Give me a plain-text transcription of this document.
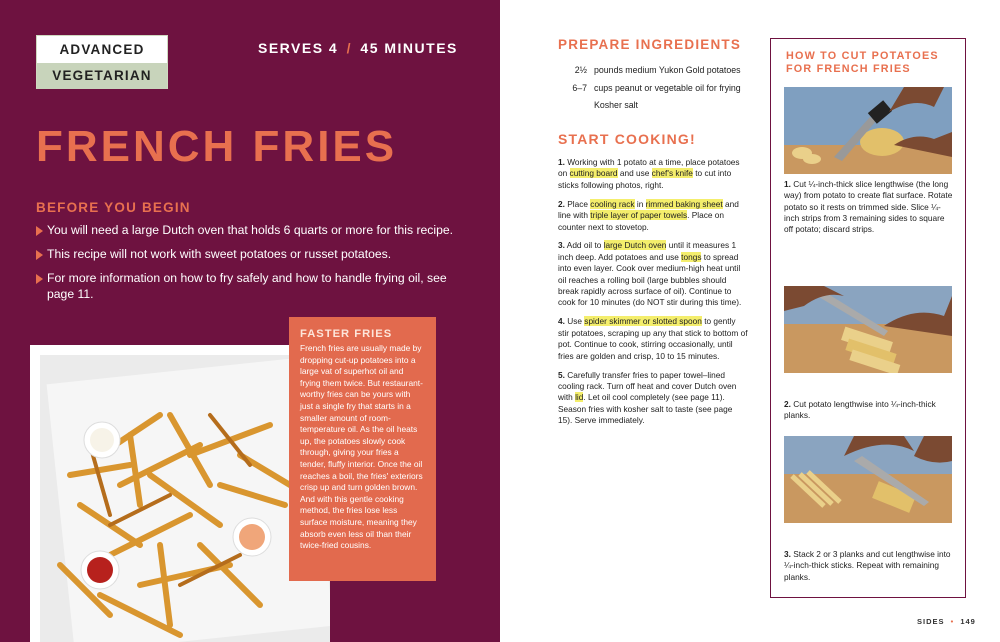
ADVANCED
VEGETARIAN
SERVES 4 / 45 MINUTES
FRENCH FRIES
BEFORE YOU BEGIN
You will need a large Dutch oven that holds 6 quarts or more for this recipe.
This recipe will not work with sweet potatoes or russet potatoes.
For more information on how to fry safely and how to handle frying oil, see page 11.
FASTER FRIES
French fries are usually made by dropping cut-up potatoes into a large vat of superhot oil and frying them twice. But restaurant-worthy fries can be yours with just a single fry that starts in a smaller amount of room-temperature oil. As the oil heats up, the potatoes slowly cook through, giving your fries a tender, fluffy interior. Once the oil reaches a boil, the fries' exteriors crisp up and turn golden brown. And with this gentle cooking method, the fries lose less surface moisture, meaning they absorb even less oil than their twice-fried cousins.
PREPARE INGREDIENTS
2½ pounds medium Yukon Gold potatoes
6–7 cups peanut or vegetable oil for frying
Kosher salt
START COOKING!
1. Working with 1 potato at a time, place potatoes on cutting board and use chef's knife to cut into sticks following photos, right.
2. Place cooling rack in rimmed baking sheet and line with triple layer of paper towels. Place on counter next to stovetop.
3. Add oil to large Dutch oven until it measures 1 inch deep. Add potatoes and use tongs to spread into even layer. Cook over medium-high heat until oil reaches a rolling boil (large bubbles should break rapidly across surface of oil). Continue to cook for 10 minutes (do NOT stir during this time).
4. Use spider skimmer or slotted spoon to gently stir potatoes, scraping up any that stick to bottom of pot. Continue to cook, stirring occasionally, until fries are golden and crisp, 10 to 15 minutes.
5. Carefully transfer fries to paper towel–lined cooling rack. Turn off heat and cover Dutch oven with lid. Let oil cool completely (see page 11). Season fries with kosher salt to taste (see page 15). Serve immediately.
HOW TO CUT POTATOES FOR FRENCH FRIES
1. Cut ¼-inch-thick slice lengthwise (the long way) from potato to create flat surface. Rotate potato so it rests on trimmed side. Slice ¼-inch strips from 3 remaining sides to square off potato; discard strips.
2. Cut potato lengthwise into ¼-inch-thick planks.
3. Stack 2 or 3 planks and cut lengthwise into ¼-inch-thick sticks. Repeat with remaining planks.
SIDES • 149
